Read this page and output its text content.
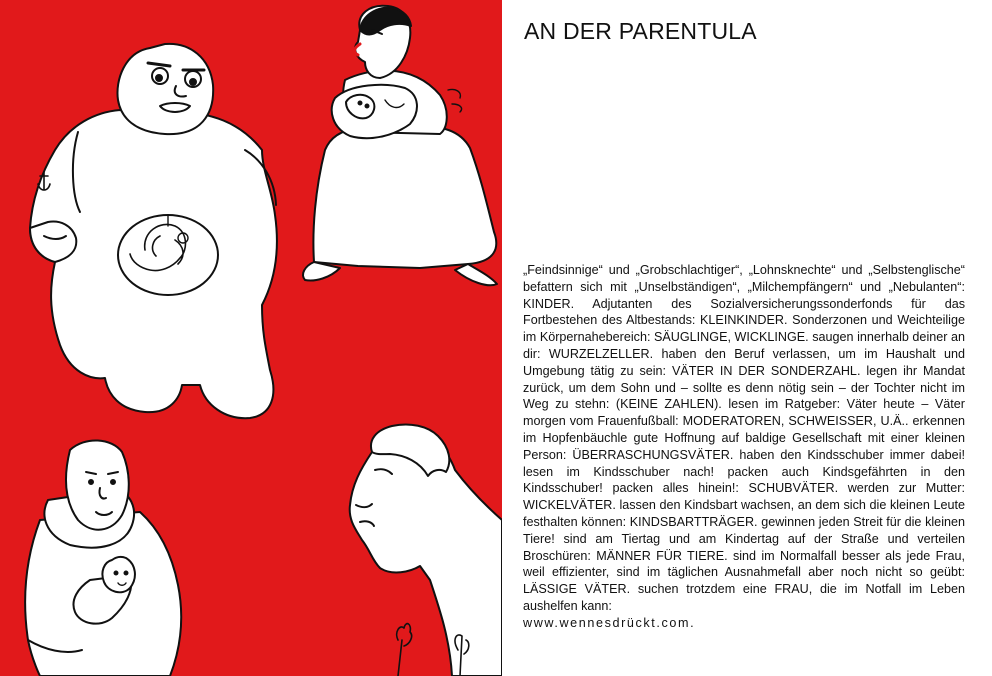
AN DER PARENTULA
„Feindsinnige“ und „Grobschlachtiger“, „Lohnsknechte“ und „Selbstenglische“ befattern sich mit „Unselbständigen“, „Milchempfängern“ und „Nebulanten“: KINDER. Adjutanten des Sozialversicherungssonderfonds für das Fortbestehen des Altbestands: KLEINKINDER. Sonderzonen und Weichteilige im Körpernahebereich: SÄUGLINGE, WICKLINGE. saugen innerhalb deiner an dir: WURZELZELLER. haben den Beruf verlassen, um im Haushalt und Umgebung tätig zu sein: VÄTER IN DER SONDERZAHL. legen ihr Mandat zurück, um dem Sohn und – sollte es denn nötig sein – der Tochter nicht im Weg zu stehn: (KEINE ZAHLEN). lesen im Ratgeber: Väter heute – Väter morgen vom Frauenfußball: MODERATOREN, SCHWEISSER, U.Ä.. erkennen im Hopfenbäuchle gute Hoffnung auf baldige Gesellschaft mit einer kleinen Person: ÜBERRASCHUNGSVÄTER. haben den Kindsschuber immer dabei! lesen im Kindsschuber nach! packen auch Kindsgefährten in den Kindsschuber! packen alles hinein!: SCHUBVÄTER. werden zur Mutter: WICKELVÄTER. lassen den Kindsbart wachsen, an dem sich die kleinen Leute festhalten können: KINDSBARTTRÄGER. gewinnen jeden Streit für die kleinen Tiere! sind am Tiertag und am Kindertag auf der Straße und verteilen Broschüren: MÄNNER FÜR TIERE. sind im Normalfall besser als jede Frau, weil effizienter, sind im täglichen Ausnahmefall aber noch nicht so geübt: LÄSSIGE VÄTER. suchen trotzdem eine FRAU, die im Notfall im Leben aushelfen kann:
www.wennesdrückt.com.
